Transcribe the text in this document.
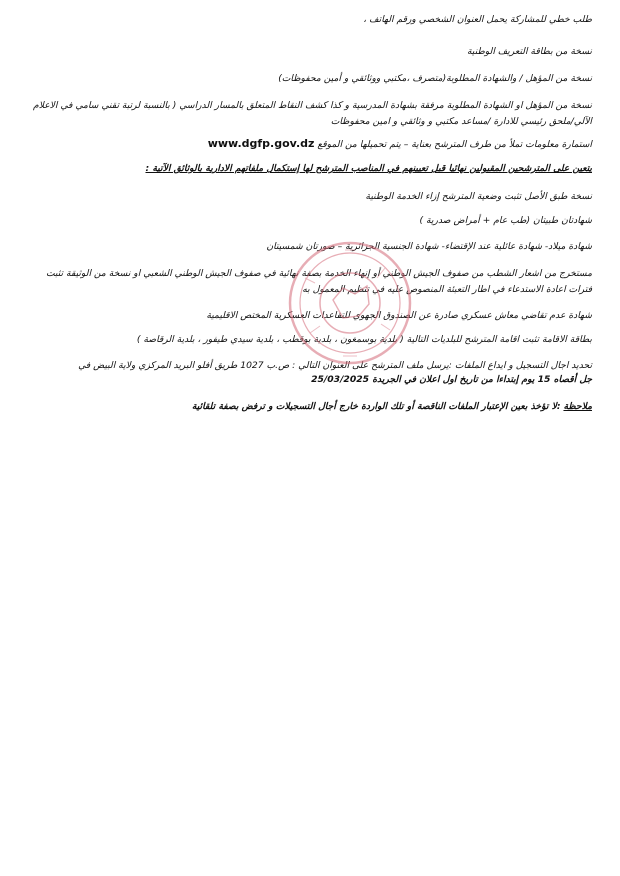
طلب خطي للمشاركة يحمل العنوان الشخصي ورقم الهاتف ،
نسخة من بطاقة التعريف الوطنية
نسخة من المؤهل / والشهادة المطلوبة(متصرف ،مكتبي ووثائقي و أمين محفوظات)
نسخة من المؤهل او الشهادة المطلوبة مرفقة بشهادة المدرسية و كذا كشف النقاط المتعلق بالمسار الدراسي ( بالنسبة لرتبة تقني سامي في الاعلام
الآلي/ملحق رئيسي للادارة /مساعد مكتبي و وثائقي و امين محفوظات
استمارة معلومات تملأ من طرف المترشح بعناية – يتم تحميلها من الموقع www.dgfp.gov.dz
يتعين على المترشحين المقبولين نهائيا قبل تعيينهم في المناصب المترشح لها إستكمال ملفاتهم الادارية بالوثائق الآتية :
نسخة طبق الأصل تثبت وضعية المترشح إزاء الخدمة الوطنية
شهادتان طبيتان (طب عام + أمراض صدرية )
شهادة ميلاد- شهادة عائلية عند الإقتضاء- شهادة الجنسية الجزائرية – صورتان شمسيتان
مستخرج من اشعار الشطب من صفوف الجيش الوطني أو إنهاء الخدمة بصفة نهائية في صفوف الجيش الوطني الشعبي او نسخة من الوثيقة تثبت
فترات اعادة الاستدعاء في اطار التعبئة المنصوص عليه في تنظيم المعمول به
شهادة عدم تقاضي معاش عسكري صادرة عن الصندوق الجهوي للتقاعدات العسكرية المختص الاقليمية
بطاقة الاقامة تثبت اقامة المترشح للبلديات التالية ( بلدية بوسمغون ، بلدية بوقطب ، بلدية سيدي طيفور ، بلدية الرقاصة )
تحديد اجال التسجيل و ايداع الملفات :يرسل ملف المترشح على العنوان التالي : ص.ب 1027 طريق أفلو البريد المركزي ولاية البيض في
جل أقصاه 15 يوم إبتداءا من تاريخ اول اعلان في الجريدة 25/03/2025
ملاحظة :لا تؤخذ بعين الإعتبار الملفات الناقصة أو تلك الواردة خارج أجال التسجيلات و ترفض بصفة تلقائية
